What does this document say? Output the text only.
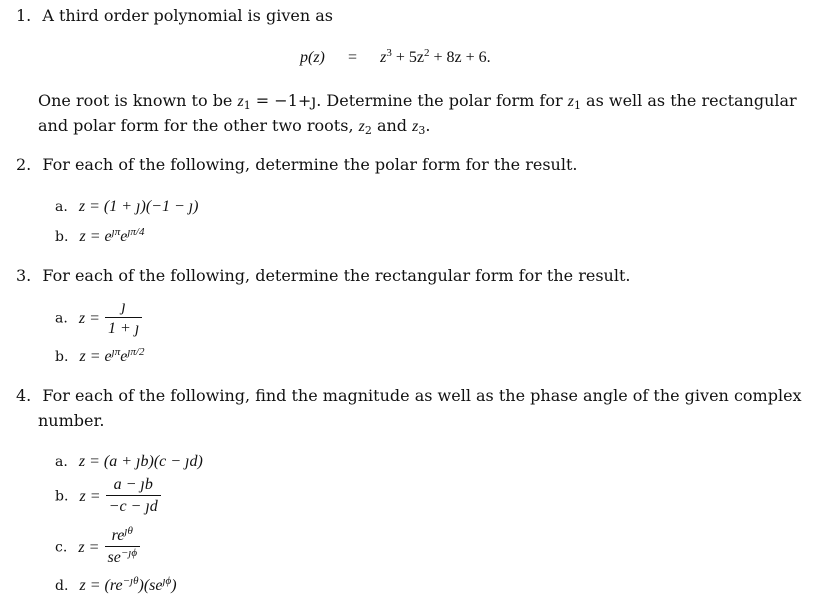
1. A third order polynomial is given as
$p(z) = z^3 + 5z^2 + 8z + 6$.
One root is known to be $z_1$ = −1+ȷ. Determine the polar form for $z_1$ as well as the rectangular
and polar form for the other two roots, $z_2$ and $z_3$.
2. For each of the following, determine the polar form for the result.
a. z = (1 + ȷ)(−1 − ȷ)
b. $z = e^{ȷ\pi}e^{ȷ\pi/4}$
3. For each of the following, determine the rectangular form for the result.
a. $z = \frac{ȷ}{1 + ȷ}$
b. $z = e^{ȷ\pi}e^{ȷ\pi/2}$
4. For each of the following, find the magnitude as well as the phase angle of the given complex
number.
a. z = (a + ȷb)(c − ȷd)
b. $z = \frac{a - ȷb}{-c - ȷd}$
c. $z = \frac{re^{ȷ\theta}}{se^{-ȷ\phi}}$
d. $z = (re^{-ȷ\theta})(se^{ȷ\phi})$
